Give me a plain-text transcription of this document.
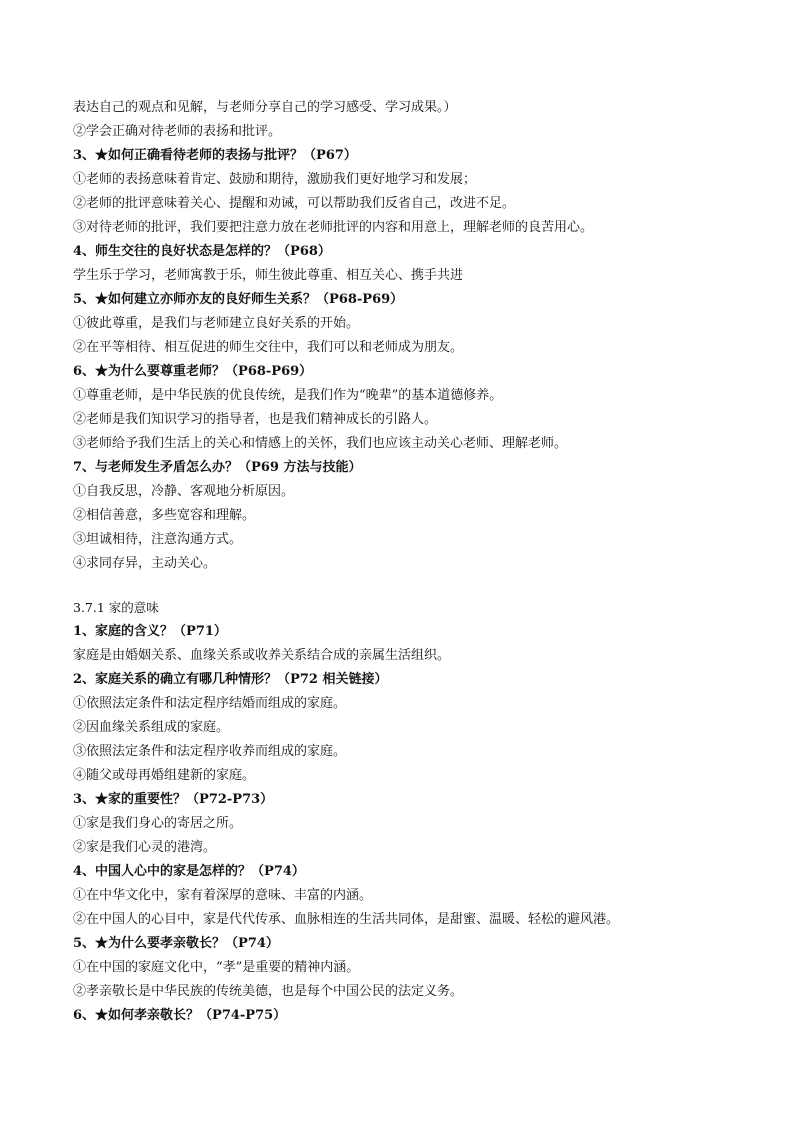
表达自己的观点和见解，与老师分享自己的学习感受、学习成果。）
②学会正确对待老师的表扬和批评。
3、★如何正确看待老师的表扬与批评？（P67）
①老师的表扬意味着肯定、鼓励和期待，激励我们更好地学习和发展；
②老师的批评意味着关心、提醒和劝诫，可以帮助我们反省自己，改进不足。
③对待老师的批评，我们要把注意力放在老师批评的内容和用意上，理解老师的良苦用心。
4、师生交往的良好状态是怎样的？（P68）
学生乐于学习，老师寓教于乐，师生彼此尊重、相互关心、携手共进
5、★如何建立亦师亦友的良好师生关系？（P68-P69）
①彼此尊重，是我们与老师建立良好关系的开始。
②在平等相待、相互促进的师生交往中，我们可以和老师成为朋友。
6、★为什么要尊重老师？（P68-P69）
①尊重老师，是中华民族的优良传统，是我们作为“晚辈”的基本道德修养。
②老师是我们知识学习的指导者，也是我们精神成长的引路人。
③老师给予我们生活上的关心和情感上的关怀，我们也应该主动关心老师、理解老师。
7、与老师发生矛盾怎么办？（P69 方法与技能）
①自我反思，冷静、客观地分析原因。
②相信善意，多些宽容和理解。
③坦诚相待，注意沟通方式。
④求同存异，主动关心。
3.7.1 家的意味
1、家庭的含义？（P71）
家庭是由婚姻关系、血缘关系或收养关系结合成的亲属生活组织。
2、家庭关系的确立有哪几种情形？（P72 相关链接）
①依照法定条件和法定程序结婚而组成的家庭。
②因血缘关系组成的家庭。
③依照法定条件和法定程序收养而组成的家庭。
④随父或母再婚组建新的家庭。
3、★家的重要性？（P72-P73）
①家是我们身心的寄居之所。
②家是我们心灵的港湾。
4、中国人心中的家是怎样的？（P74）
①在中华文化中，家有着深厚的意味、丰富的内涵。
②在中国人的心目中，家是代代传承、血脉相连的生活共同体，是甜蜜、温暖、轻松的避风港。
5、★为什么要孝亲敬长？（P74）
①在中国的家庭文化中，“孝”是重要的精神内涵。
②孝亲敬长是中华民族的传统美德，也是每个中国公民的法定义务。
6、★如何孝亲敬长？（P74-P75）
